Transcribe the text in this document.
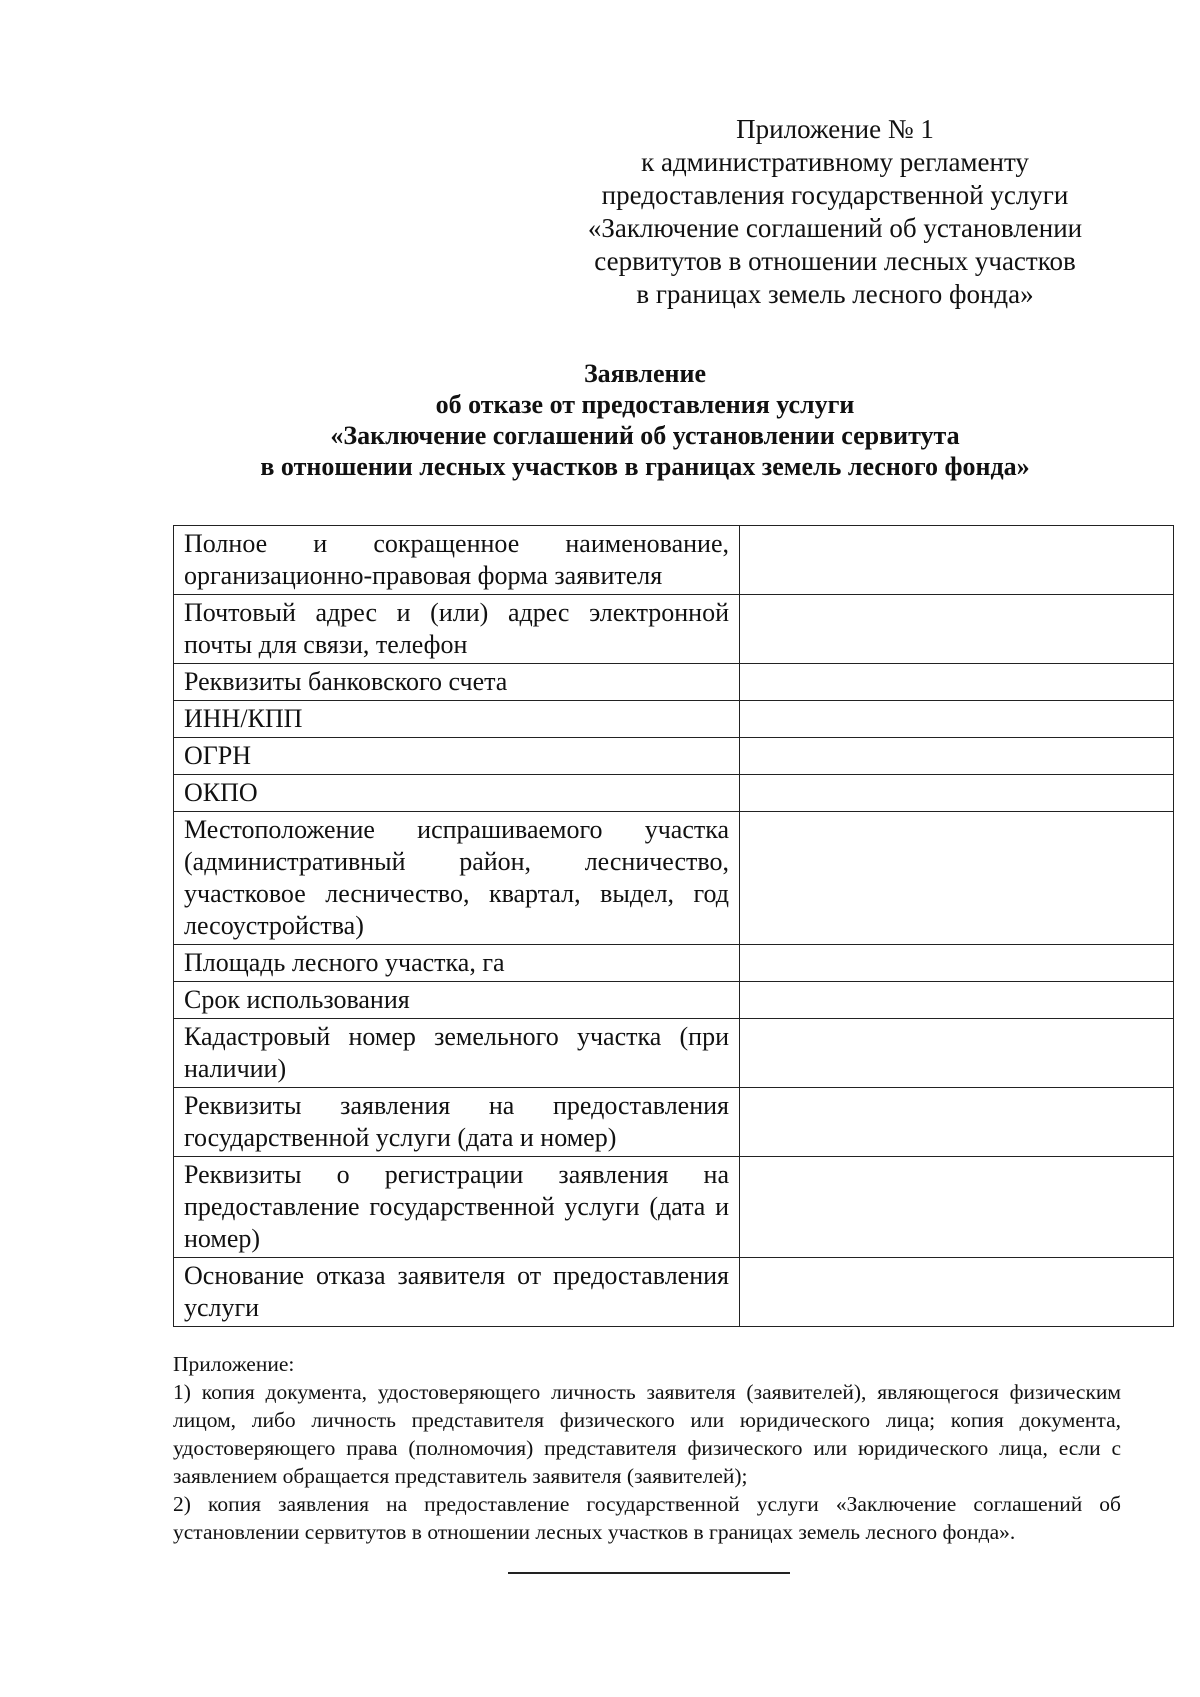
Приложение № 1
к административному регламенту
предоставления государственной услуги
«Заключение соглашений об установлении
сервитутов в отношении лесных участков
в границах земель лесного фонда»
Заявление
об отказе от предоставления услуги
«Заключение соглашений об установлении сервитута
в отношении лесных участков в границах земель лесного фонда»
Полное и сокращенное наименование, организационно-правовая форма заявителя	
Почтовый адрес и (или) адрес электронной почты для связи, телефон	
Реквизиты банковского счета	
ИНН/КПП	
ОГРН	
ОКПО	
Местоположение испрашиваемого участка (административный район, лесничество, участковое лесничество, квартал, выдел, год лесоустройства)	
Площадь лесного участка, га	
Срок использования	
Кадастровый номер земельного участка (при наличии)	
Реквизиты заявления на предоставления государственной услуги (дата и номер)	
Реквизиты о регистрации заявления на предоставление государственной услуги (дата и номер)	
Основание отказа заявителя от предоставления услуги	

Приложение:

1) копия документа, удостоверяющего личность заявителя (заявителей), являющегося физическим лицом, либо личность представителя физического или юридического лица; копия документа, удостоверяющего права (полномочия) представителя физического или юридического лица, если с заявлением обращается представитель заявителя (заявителей);

2) копия заявления на предоставление государственной услуги «Заключение соглашений об установлении сервитутов в отношении лесных участков в границах земель лесного фонда».
